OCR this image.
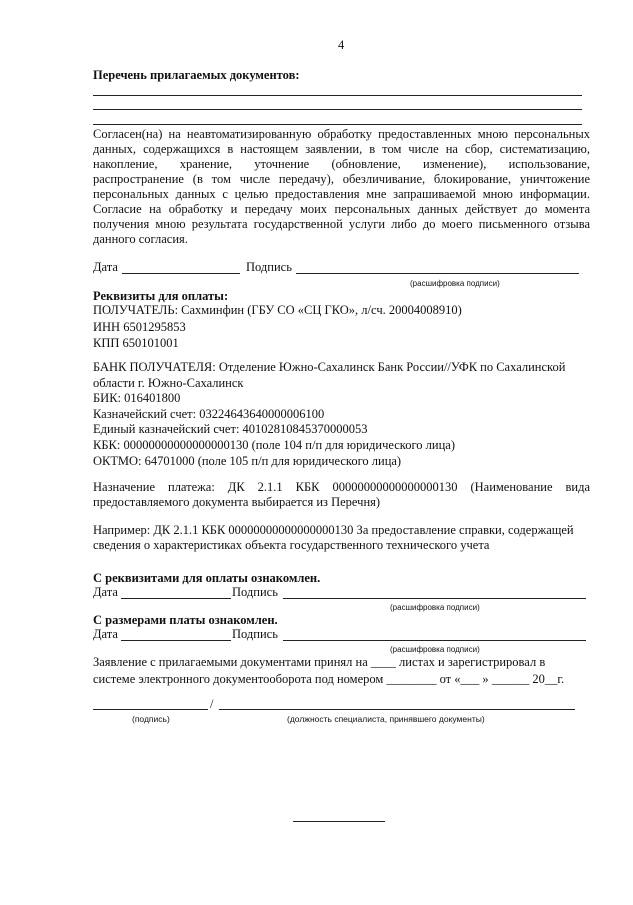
4
Перечень прилагаемых документов:
Согласен(на) на неавтоматизированную обработку предоставленных мною персональных
данных, содержащихся в настоящем заявлении, в том числе на сбор, систематизацию,
накопление, хранение, уточнение (обновление, изменение), использование,
распространение (в том числе передачу), обезличивание, блокирование, уничтожение
персональных данных с целью предоставления мне запрашиваемой мною информации.
Согласие на обработку и передачу моих персональных данных действует до момента
получения мною результата государственной услуги либо до моего письменного отзыва
данного согласия.
Дата	Подпись
(расшифровка подписи)
Реквизиты для оплаты:
ПОЛУЧАТЕЛЬ: Сахминфин (ГБУ СО «СЦ ГКО», л/сч. 20004008910)
ИНН 6501295853
КПП 650101001
БАНК ПОЛУЧАТЕЛЯ: Отделение Южно-Сахалинск Банк России//УФК по Сахалинской
области г. Южно-Сахалинск
БИК: 016401800
Казначейский счет: 03224643640000006100
Единый казначейский счет: 40102810845370000053
КБК: 00000000000000000130 (поле 104 п/п для юридического лица)
ОКТМО: 64701000 (поле 105 п/п для юридического лица)
Назначение платежа: ДК 2.1.1 КБК 00000000000000000130 (Наименование вида
предоставляемого документа выбирается из Перечня)
Например: ДК 2.1.1 КБК 00000000000000000130 За предоставление справки, содержащей
сведения о характеристиках объекта государственного технического учета
С реквизитами для оплаты ознакомлен.
Дата	Подпись
(расшифровка подписи)
С размерами платы ознакомлен.
Дата	Подпись
(расшифровка подписи)
Заявление с прилагаемыми документами принял на ____ листах и зарегистрировал в
системе электронного документооборота под номером ________ от «___ » ______ 20__г.
/
(подпись)	(должность специалиста, принявшего документы)
